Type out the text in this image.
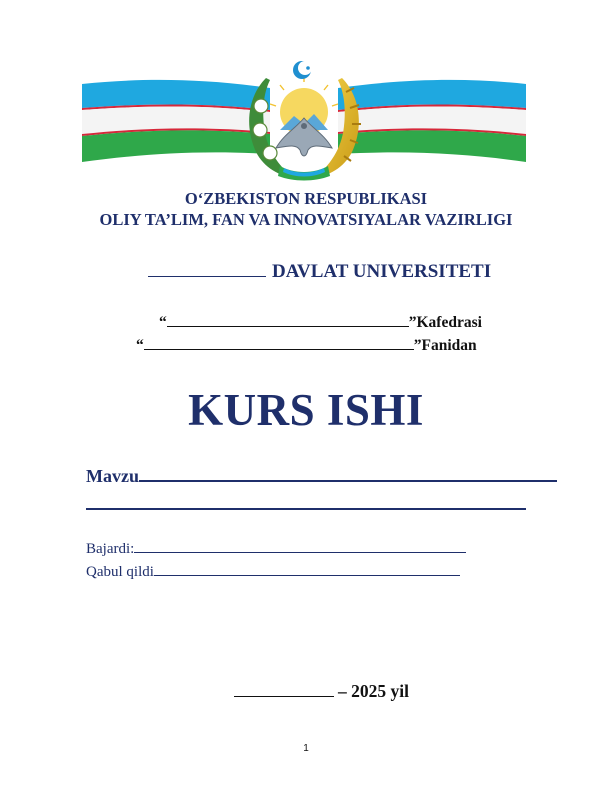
O‘ZBEKISTON RESPUBLIKASI
OLIY TA’LIM, FAN VA INNOVATSIYALAR VAZIRLIGI
DAVLAT UNIVERSITETI
“	”Kafedrasi
“	”Fanidan
KURS ISHI
Mavzu
Bajardi:
Qabul qildi
– 2025 yil
1
